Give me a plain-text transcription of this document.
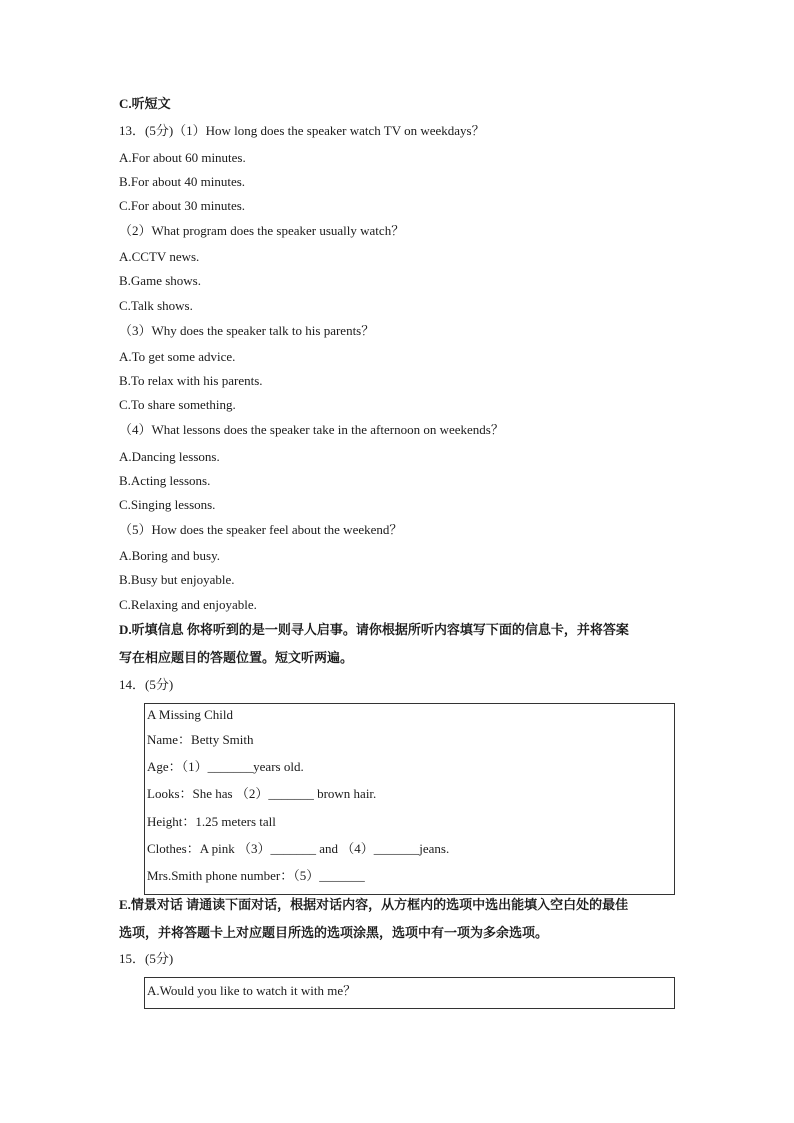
C.听短文
13．(5分)（1）How long does the speaker watch TV on weekdays？
A.For about 60 minutes.
B.For about 40 minutes.
C.For about 30 minutes.
（2）What program does the speaker usually watch？
A.CCTV news.
B.Game shows.
C.Talk shows.
（3）Why does the speaker talk to his parents？
A.To get some advice.
B.To relax with his parents.
C.To share something.
（4）What lessons does the speaker take in the afternoon on weekends？
A.Dancing lessons.
B.Acting lessons.
C.Singing lessons.
（5）How does the speaker feel about the weekend？
A.Boring and busy.
B.Busy but enjoyable.
C.Relaxing and enjoyable.
D.听填信息 你将听到的是一则寻人启事。请你根据所听内容填写下面的信息卡，并将答案
写在相应题目的答题位置。短文听两遍。
14．(5分)
A Missing Child
Name：Betty Smith
Age：（1）_______years old.
Looks：She has （2）_______ brown hair.
Height：1.25 meters tall
Clothes：A pink （3）_______ and （4）_______jeans.
Mrs.Smith phone number：（5）_______
E.情景对话 请通读下面对话，根据对话内容，从方框内的选项中选出能填入空白处的最佳
选项，并将答题卡上对应题目所选的选项涂黑，选项中有一项为多余选项。
15．(5分)
A.Would you like to watch it with me？
